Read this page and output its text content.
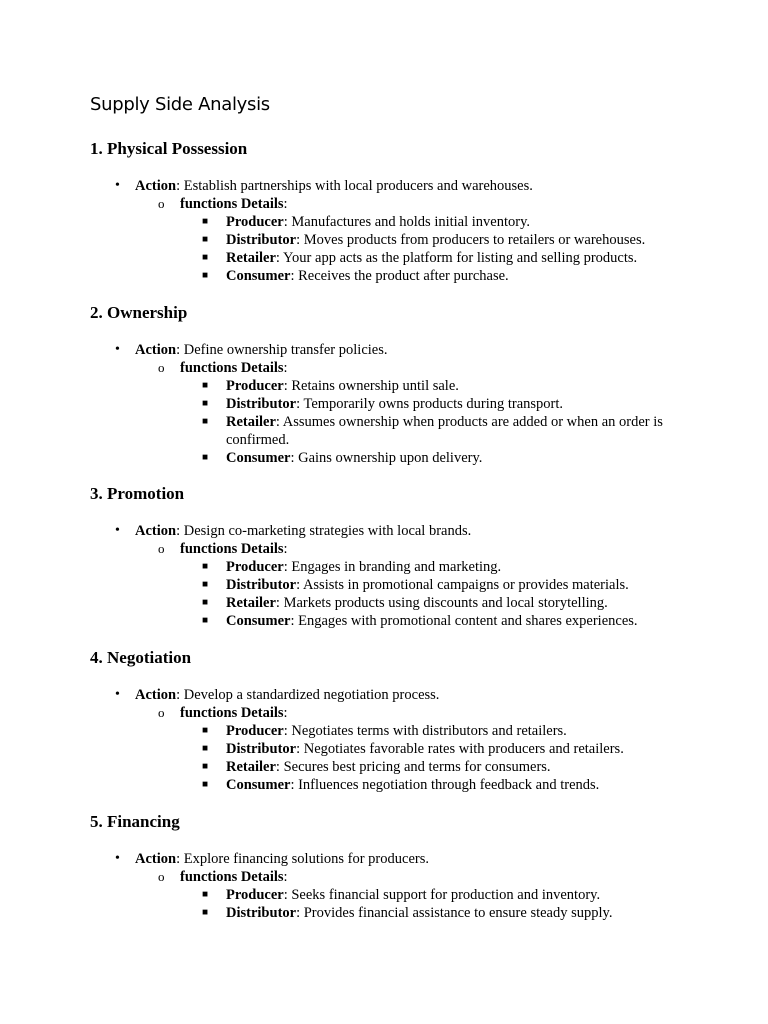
Supply Side Analysis
1. Physical Possession
• Action: Establish partnerships with local producers and warehouses.
o functions Details:
■ Producer: Manufactures and holds initial inventory.
■ Distributor: Moves products from producers to retailers or warehouses.
■ Retailer: Your app acts as the platform for listing and selling products.
■ Consumer: Receives the product after purchase.
2. Ownership
• Action: Define ownership transfer policies.
o functions Details:
■ Producer: Retains ownership until sale.
■ Distributor: Temporarily owns products during transport.
■ Retailer: Assumes ownership when products are added or when an order is confirmed.
■ Consumer: Gains ownership upon delivery.
3. Promotion
• Action: Design co-marketing strategies with local brands.
o functions Details:
■ Producer: Engages in branding and marketing.
■ Distributor: Assists in promotional campaigns or provides materials.
■ Retailer: Markets products using discounts and local storytelling.
■ Consumer: Engages with promotional content and shares experiences.
4. Negotiation
• Action: Develop a standardized negotiation process.
o functions Details:
■ Producer: Negotiates terms with distributors and retailers.
■ Distributor: Negotiates favorable rates with producers and retailers.
■ Retailer: Secures best pricing and terms for consumers.
■ Consumer: Influences negotiation through feedback and trends.
5. Financing
• Action: Explore financing solutions for producers.
o functions Details:
■ Producer: Seeks financial support for production and inventory.
■ Distributor: Provides financial assistance to ensure steady supply.
